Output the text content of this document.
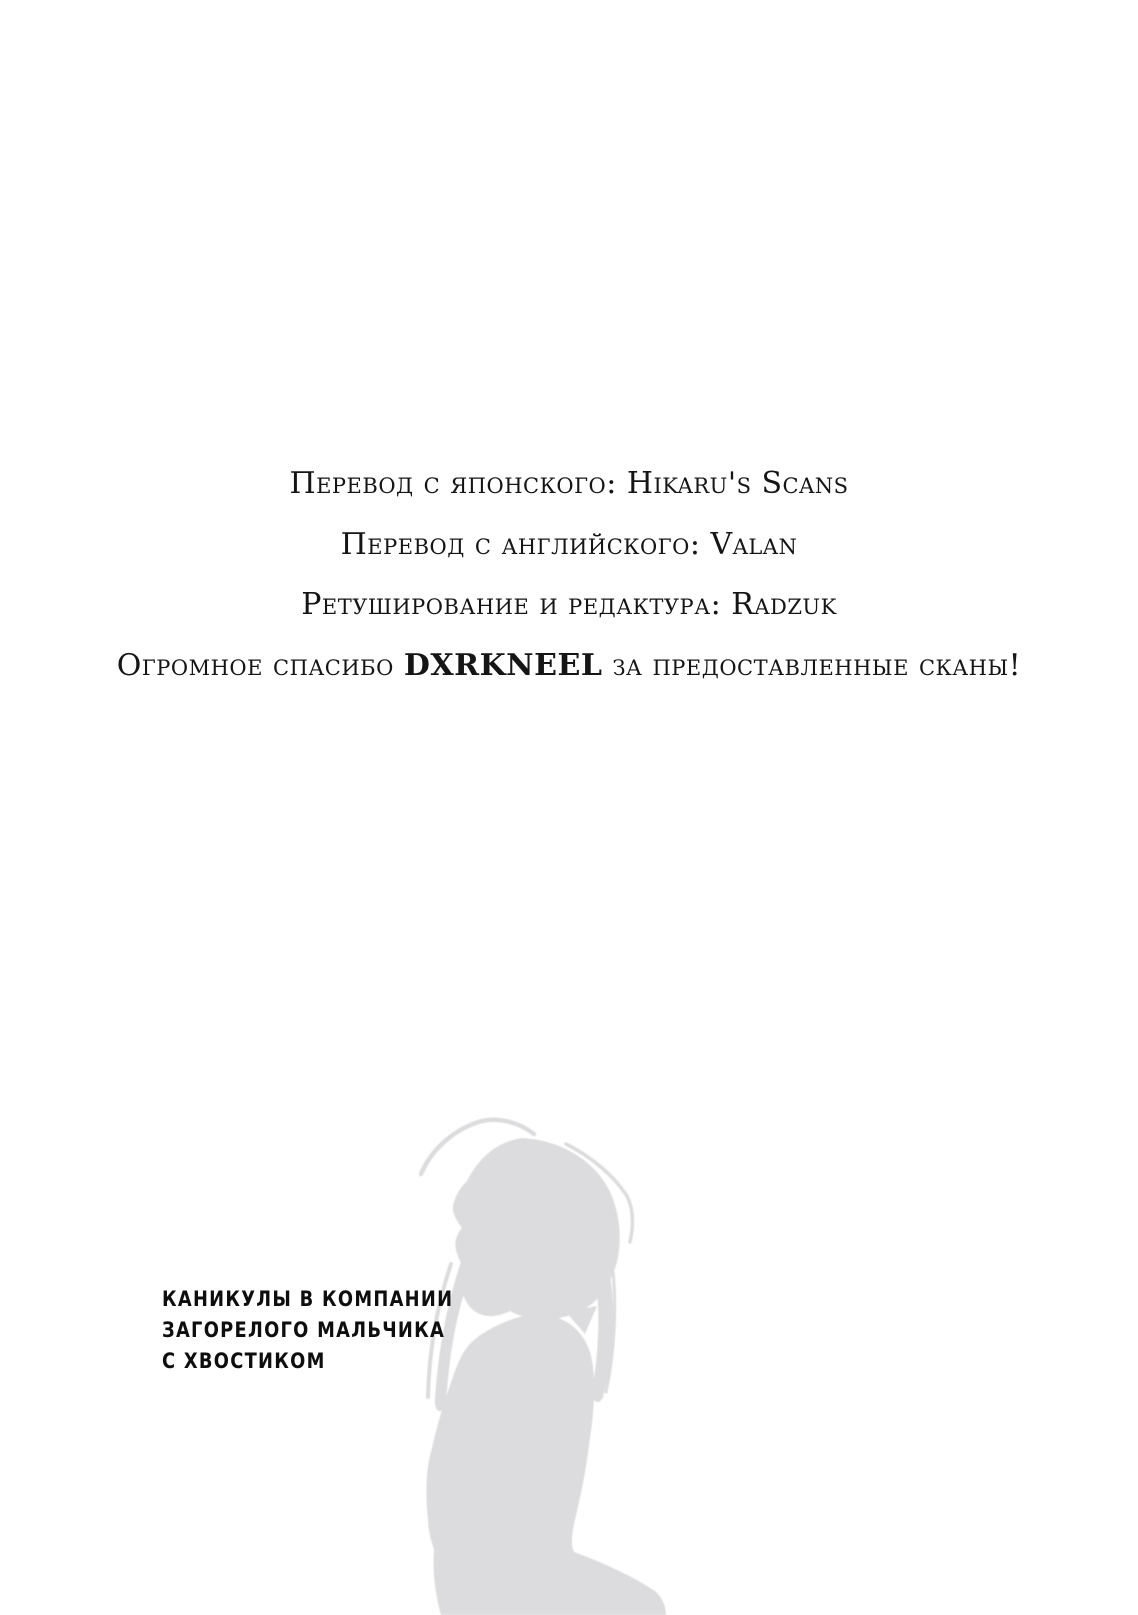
Перевод с японского: Hikaru's Scans
Перевод с английского: Valan
Ретуширование и редактура: Radzuk
Огромное спасибо DXRKNEEL за предоставленные сканы!
КАНИКУЛЫ В КОМПАНИИ
ЗАГОРЕЛОГО МАЛЬЧИКА
С ХВОСТИКОМ
